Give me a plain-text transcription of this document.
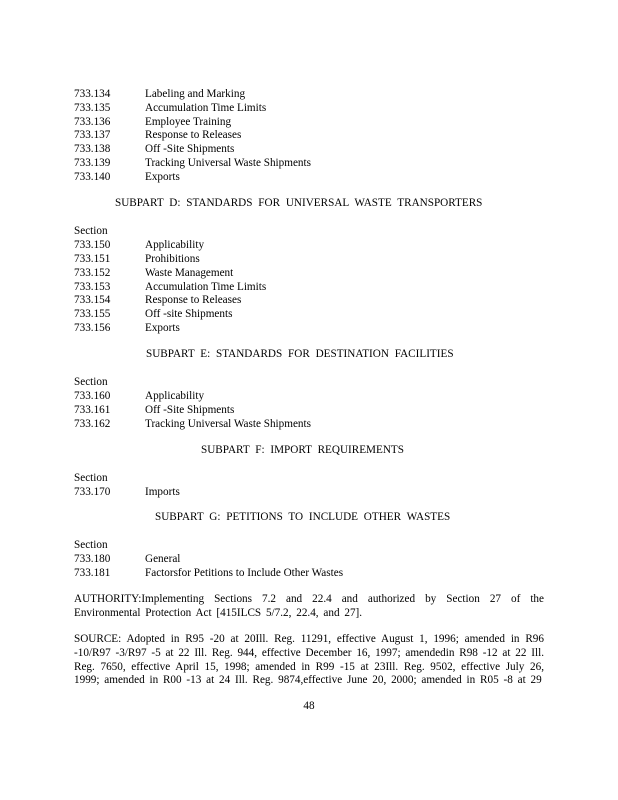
733.134	Labeling and Marking
733.135	Accumulation Time Limits
733.136	Employee Training
733.137	Response to Releases
733.138	Off -Site Shipments
733.139	Tracking Universal Waste Shipments
733.140	Exports
SUBPART D: STANDARDS FOR UNIVERSAL WASTE TRANSPORTERS
Section
733.150	Applicability
733.151	Prohibitions
733.152	Waste Management
733.153	Accumulation Time Limits
733.154	Response to Releases
733.155	Off -site Shipments
733.156	Exports
SUBPART E: STANDARDS FOR DESTINATION FACILITIES
Section
733.160	Applicability
733.161	Off -Site Shipments
733.162	Tracking Universal Waste Shipments
SUBPART F: IMPORT REQUIREMENTS
Section
733.170	Imports
SUBPART G: PETITIONS TO INCLUDE OTHER WASTES
Section
733.180	General
733.181	Factorsfor Petitions to Include Other Wastes
AUTHORITY:Implementing Sections 7.2 and 22.4 and authorized by Section 27 of the Environmental Protection Act [415ILCS 5/7.2, 22.4, and 27].
SOURCE: Adopted in R95 -20 at 20Ill. Reg. 11291, effective August 1, 1996; amended in R96 -10/R97 -3/R97 -5 at 22 Ill. Reg. 944, effective December 16, 1997; amendedin R98 -12 at 22 Ill. Reg. 7650, effective April 15, 1998; amended in R99 -15 at 23Ill. Reg. 9502, effective July 26, 1999; amended in R00 -13 at 24 Ill. Reg. 9874,effective June 20, 2000; amended in R05 -8 at 29
48
